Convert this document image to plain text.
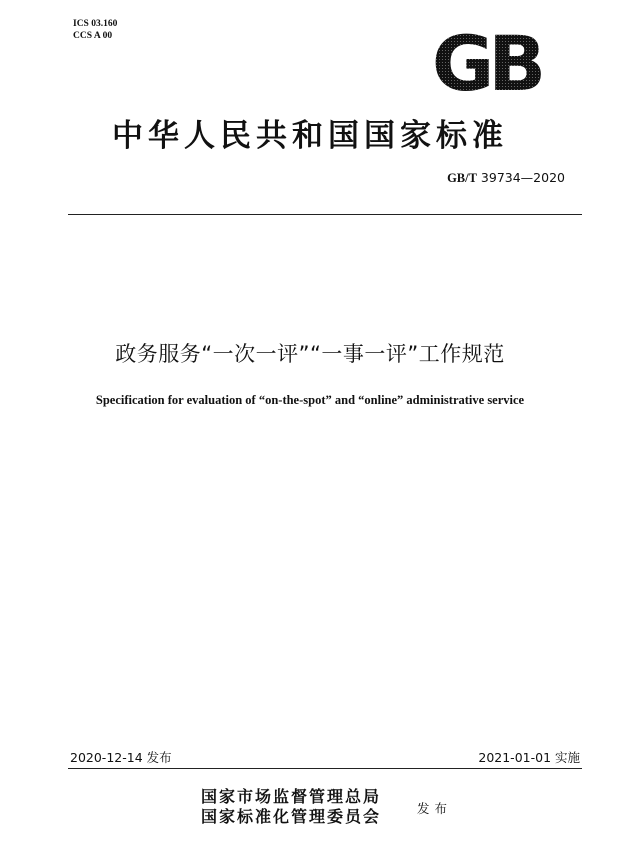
ICS 03.160
CCS A 00	GB
中华人民共和国国家标准
GB/T 39734—2020
政务服务“一次一评”“一事一评”工作规范
Specification for evaluation of “on-the-spot” and “online” administrative service
2020-12-14 发布	2021-01-01 实施
国家市场监督管理总局
国家标准化管理委员会	发布
